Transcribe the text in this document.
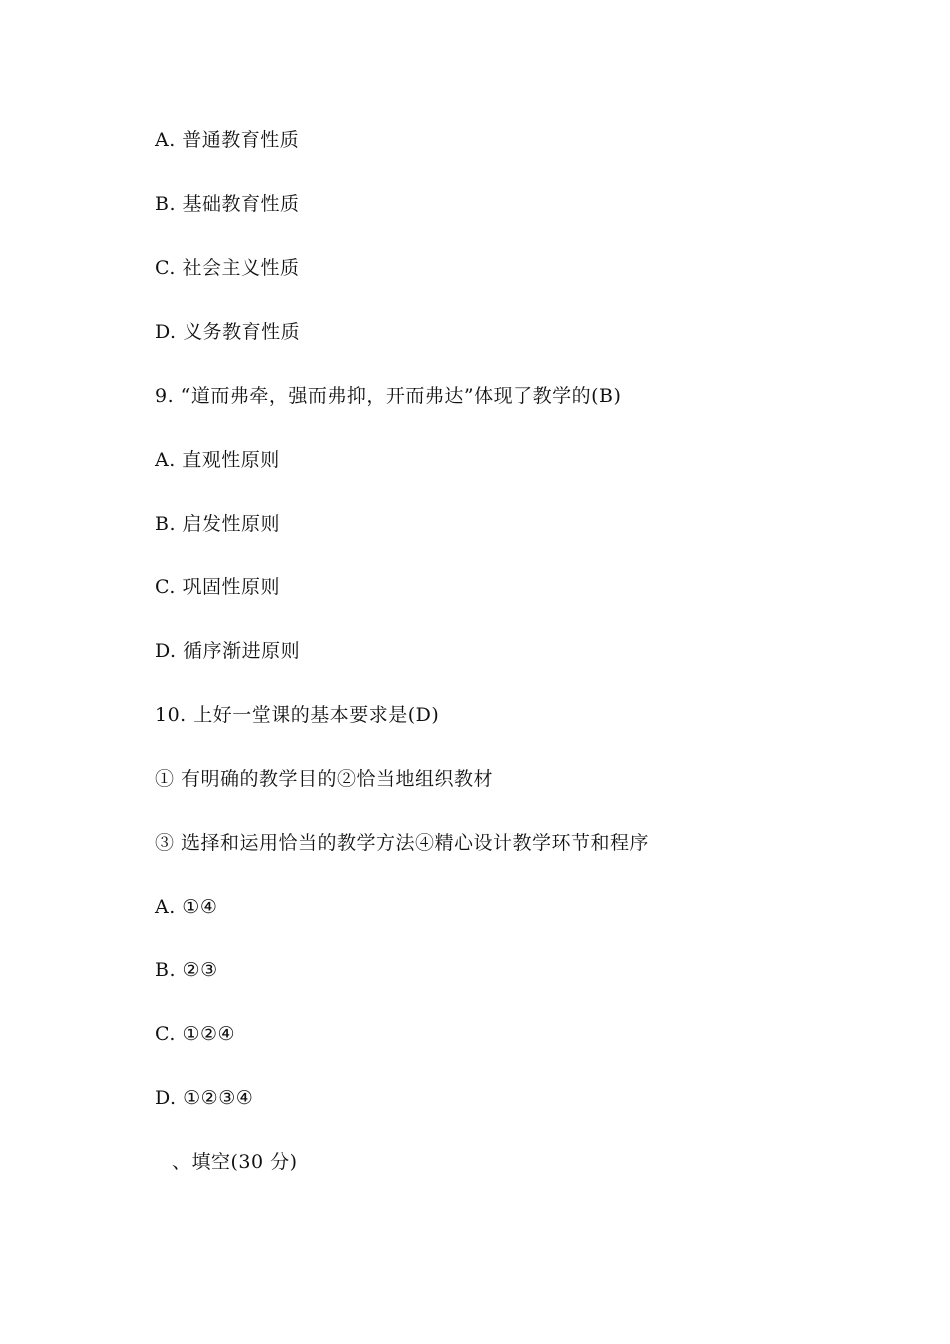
A. 普通教育性质
B. 基础教育性质
C. 社会主义性质
D. 义务教育性质
9. “道而弗牵，强而弗抑，开而弗达”体现了教学的(B)
A. 直观性原则
B. 启发性原则
C. 巩固性原则
D. 循序渐进原则
10. 上好一堂课的基本要求是(D)
① 有明确的教学目的②恰当地组织教材
③ 选择和运用恰当的教学方法④精心设计教学环节和程序
A. ①④
B. ②③
C. ①②④
D. ①②③④
、填空(30 分)
